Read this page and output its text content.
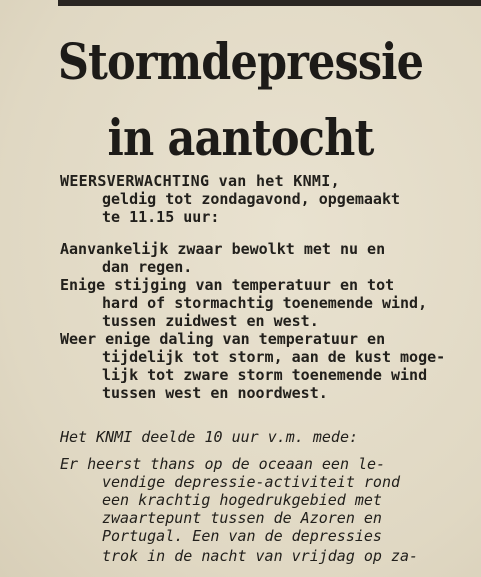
Stormdepressie
in aantocht
WEERSVERWACHTING van het KNMI,
geldig tot zondagavond, opgemaakt
te 11.15 uur:
Aanvankelijk zwaar bewolkt met nu en
dan regen.
Enige stijging van temperatuur en tot
hard of stormachtig toenemende wind,
tussen zuidwest en west.
Weer enige daling van temperatuur en
tijdelijk tot storm, aan de kust moge-
lijk tot zware storm toenemende wind
tussen west en noordwest.
Het KNMI deelde 10 uur v.m. mede:
Er heerst thans op de oceaan een le-
vendige depressie-activiteit rond
een krachtig hogedrukgebied met
zwaartepunt tussen de Azoren en
Portugal. Een van de depressies
trok in de nacht van vrijdag op za-
